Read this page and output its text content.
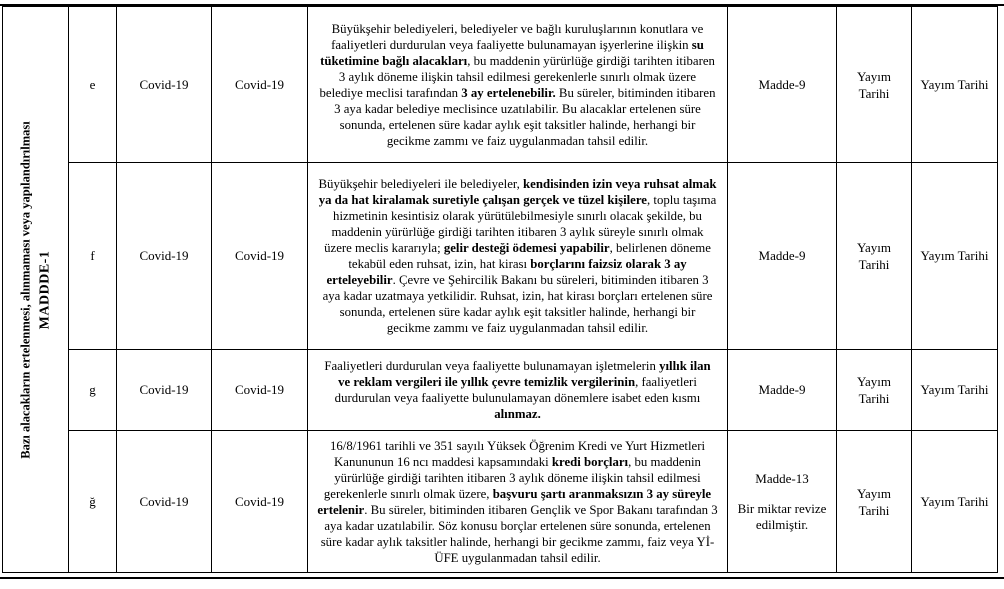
Bazı alacakların ertelenmesi, alınmaması veya yapılandırılması MADDDE-1	e	Covid-19	Covid-19	Büyükşehir belediyeleri, belediyeler ve bağlı kuruluşlarının konutlara ve faaliyetleri durdurulan veya faaliyette bulunamayan işyerlerine ilişkin su tüketimine bağlı alacakları, bu maddenin yürürlüğe girdiği tarihten itibaren 3 aylık döneme ilişkin tahsil edilmesi gerekenlerle sınırlı olmak üzere belediye meclisi tarafından 3 ay ertelenebilir. Bu süreler, bitiminden itibaren 3 aya kadar belediye meclisince uzatılabilir. Bu alacaklar ertelenen süre sonunda, ertelenen süre kadar aylık eşit taksitler halinde, herhangi bir gecikme zammı ve faiz uygulanmadan tahsil edilir.	Madde-9	Yayım Tarihi	Yayım Tarihi
	f	Covid-19	Covid-19	Büyükşehir belediyeleri ile belediyeler, kendisinden izin veya ruhsat almak ya da hat kiralamak suretiyle çalışan gerçek ve tüzel kişilere, toplu taşıma hizmetinin kesintisiz olarak yürütülebilmesiyle sınırlı olacak şekilde, bu maddenin yürürlüğe girdiği tarihten itibaren 3 aylık süreyle sınırlı olmak üzere meclis kararıyla; gelir desteği ödemesi yapabilir, belirlenen döneme tekabül eden ruhsat, izin, hat kirası borçlarını faizsiz olarak 3 ay erteleyebilir. Çevre ve Şehircilik Bakanı bu süreleri, bitiminden itibaren 3 aya kadar uzatmaya yetkilidir. Ruhsat, izin, hat kirası borçları ertelenen süre sonunda, ertelenen süre kadar aylık eşit taksitler halinde, herhangi bir gecikme zammı ve faiz uygulanmadan tahsil edilir.	Madde-9	Yayım Tarihi	Yayım Tarihi
	g	Covid-19	Covid-19	Faaliyetleri durdurulan veya faaliyette bulunamayan işletmelerin yıllık ilan ve reklam vergileri ile yıllık çevre temizlik vergilerinin, faaliyetleri durdurulan veya faaliyette bulunulamayan dönemlere isabet eden kısmı alınmaz.	Madde-9	Yayım Tarihi	Yayım Tarihi
	ğ	Covid-19	Covid-19	16/8/1961 tarihli ve 351 sayılı Yüksek Öğrenim Kredi ve Yurt Hizmetleri Kanununun 16 ncı maddesi kapsamındaki kredi borçları, bu maddenin yürürlüğe girdiği tarihten itibaren 3 aylık döneme ilişkin tahsil edilmesi gerekenlerle sınırlı olmak üzere, başvuru şartı aranmaksızın 3 ay süreyle ertelenir. Bu süreler, bitiminden itibaren Gençlik ve Spor Bakanı tarafından 3 aya kadar uzatılabilir. Söz konusu borçlar ertelenen süre sonunda, ertelenen süre kadar aylık taksitler halinde, herhangi bir gecikme zammı, faiz veya Yİ-ÜFE uygulanmadan tahsil edilir.	Madde-13
Bir miktar revize edilmiştir.	Yayım Tarihi	Yayım Tarihi
